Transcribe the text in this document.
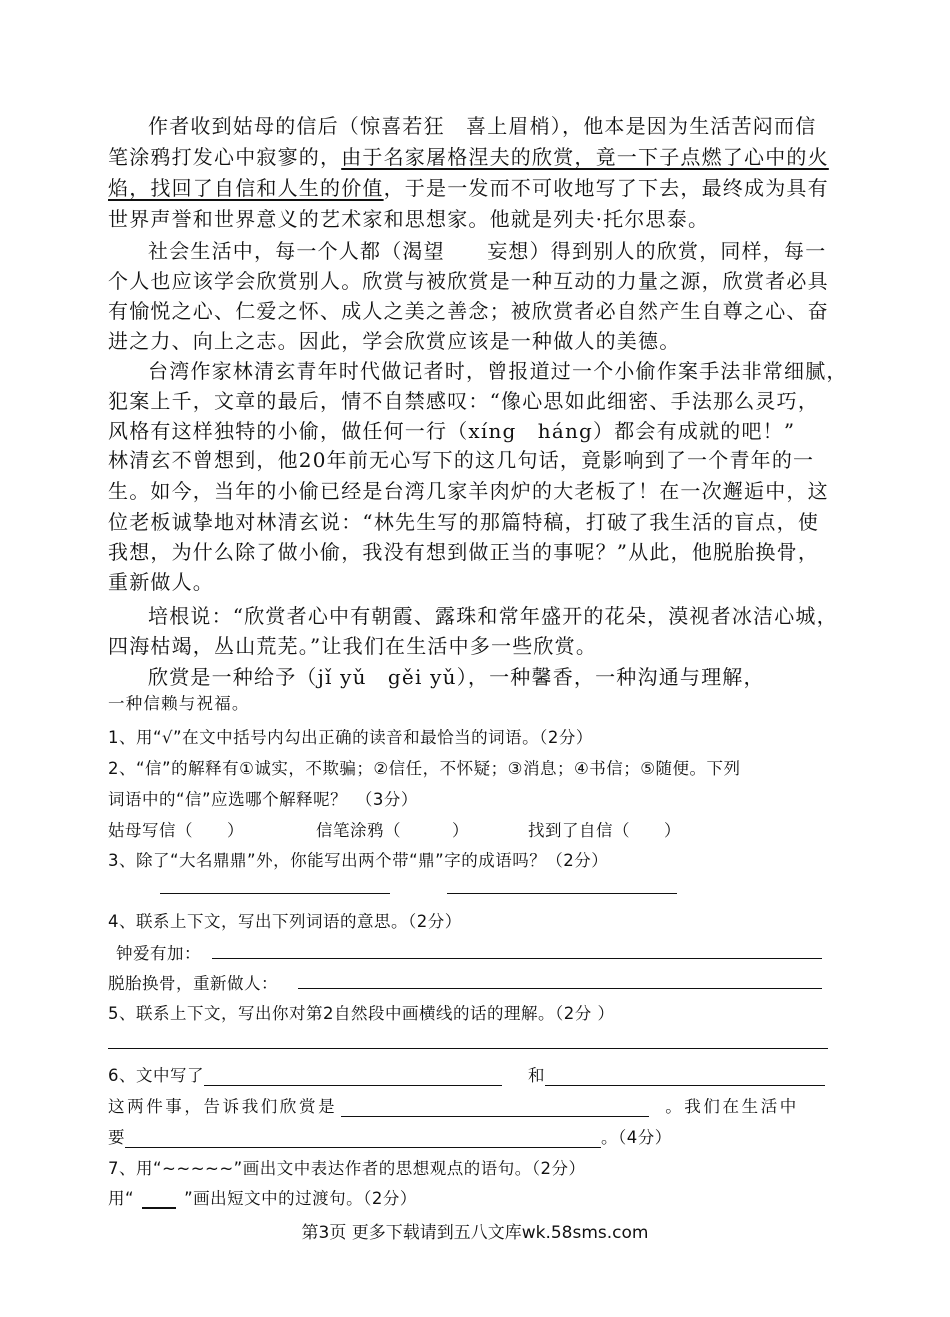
作者收到姑母的信后（惊喜若狂　喜上眉梢），他本是因为生活苦闷而信
笔涂鸦打发心中寂寥的，由于名家屠格涅夫的欣赏，竟一下子点燃了心中的火
焰，找回了自信和人生的价值，于是一发而不可收地写了下去，最终成为具有
世界声誉和世界意义的艺术家和思想家。他就是列夫·托尔思泰。
社会生活中，每一个人都（渴望　　妄想）得到别人的欣赏，同样，每一
个人也应该学会欣赏别人。欣赏与被欣赏是一种互动的力量之源，欣赏者必具
有愉悦之心、仁爱之怀、成人之美之善念；被欣赏者必自然产生自尊之心、奋
进之力、向上之志。因此，学会欣赏应该是一种做人的美德。
台湾作家林清玄青年时代做记者时，曾报道过一个小偷作案手法非常细腻，
犯案上千，文章的最后，情不自禁感叹：“像心思如此细密、手法那么灵巧，
风格有这样独特的小偷，做任何一行（xíng　háng）都会有成就的吧！”
林清玄不曾想到，他20年前无心写下的这几句话，竟影响到了一个青年的一
生。如今，当年的小偷已经是台湾几家羊肉炉的大老板了！在一次邂逅中，这
位老板诚挚地对林清玄说：“林先生写的那篇特稿，打破了我生活的盲点，使
我想，为什么除了做小偷，我没有想到做正当的事呢？”从此，他脱胎换骨，
重新做人。
培根说：“欣赏者心中有朝霞、露珠和常年盛开的花朵，漠视者冰洁心城，
四海枯竭，丛山荒芜。”让我们在生活中多一些欣赏。
欣赏是一种给予（jǐ yǔ　gěi yǔ），一种馨香，一种沟通与理解，
一种信赖与祝福。
1、用“√”在文中括号内勾出正确的读音和最恰当的词语。（2分）
2、“信”的解释有①诚实，不欺骗；②信任，不怀疑；③消息；④书信；⑤随便。下列
词语中的“信”应选哪个解释呢？　（3分）
姑母写信（　　）	信笔涂鸦（　　　）	找到了自信（　　）
3、除了“大名鼎鼎”外，你能写出两个带“鼎”字的成语吗？（2分）
4、联系上下文，写出下列词语的意思。（2分）
钟爱有加：
脱胎换骨，重新做人：
5、联系上下文，写出你对第2自然段中画横线的话的理解。（2分 ）
6、文中写了	和
这两件事，告诉我们欣赏是	。我们在生活中
要	。（4分）
7、用“~~~~~”画出文中表达作者的思想观点的语句。（2分）
用“	”画出短文中的过渡句。（2分）
第3页 更多下载请到五八文库wk.58sms.com
